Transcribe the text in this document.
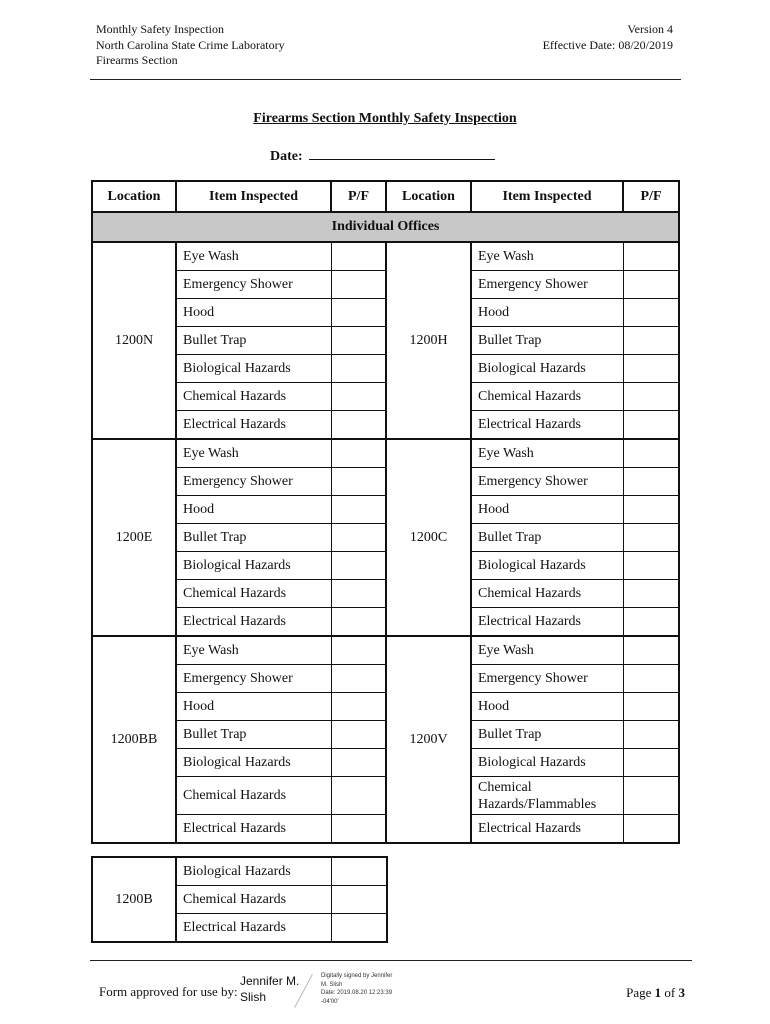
Monthly Safety Inspection
North Carolina State Crime Laboratory
Firearms Section
Version 4
Effective Date: 08/20/2019
Firearms Section Monthly Safety Inspection
Date:
Location	Item Inspected	P/F	Location	Item Inspected	P/F
Individual Offices					
1200N	Eye Wash		1200H	Eye Wash	
	Emergency Shower			Emergency Shower	
	Hood			Hood	
	Bullet Trap			Bullet Trap	
	Biological Hazards			Biological Hazards	
	Chemical Hazards			Chemical Hazards	
	Electrical Hazards			Electrical Hazards	
1200E	Eye Wash		1200C	Eye Wash	
	Emergency Shower			Emergency Shower	
	Hood			Hood	
	Bullet Trap			Bullet Trap	
	Biological Hazards			Biological Hazards	
	Chemical Hazards			Chemical Hazards	
	Electrical Hazards			Electrical Hazards	
1200BB	Eye Wash		1200V	Eye Wash	
	Emergency Shower			Emergency Shower	
	Hood			Hood	
	Bullet Trap			Bullet Trap	
	Biological Hazards			Biological Hazards	
	Chemical Hazards			Chemical Hazards/Flammables	
	Electrical Hazards			Electrical Hazards	
1200B	Biological Hazards	
	Chemical Hazards	
	Electrical Hazards	
Form approved for use by:
Jennifer M. Slish
Digitally signed by Jennifer
M. Slish
Date: 2019.08.20 12:23:39
-04'00'
Page 1 of 3
